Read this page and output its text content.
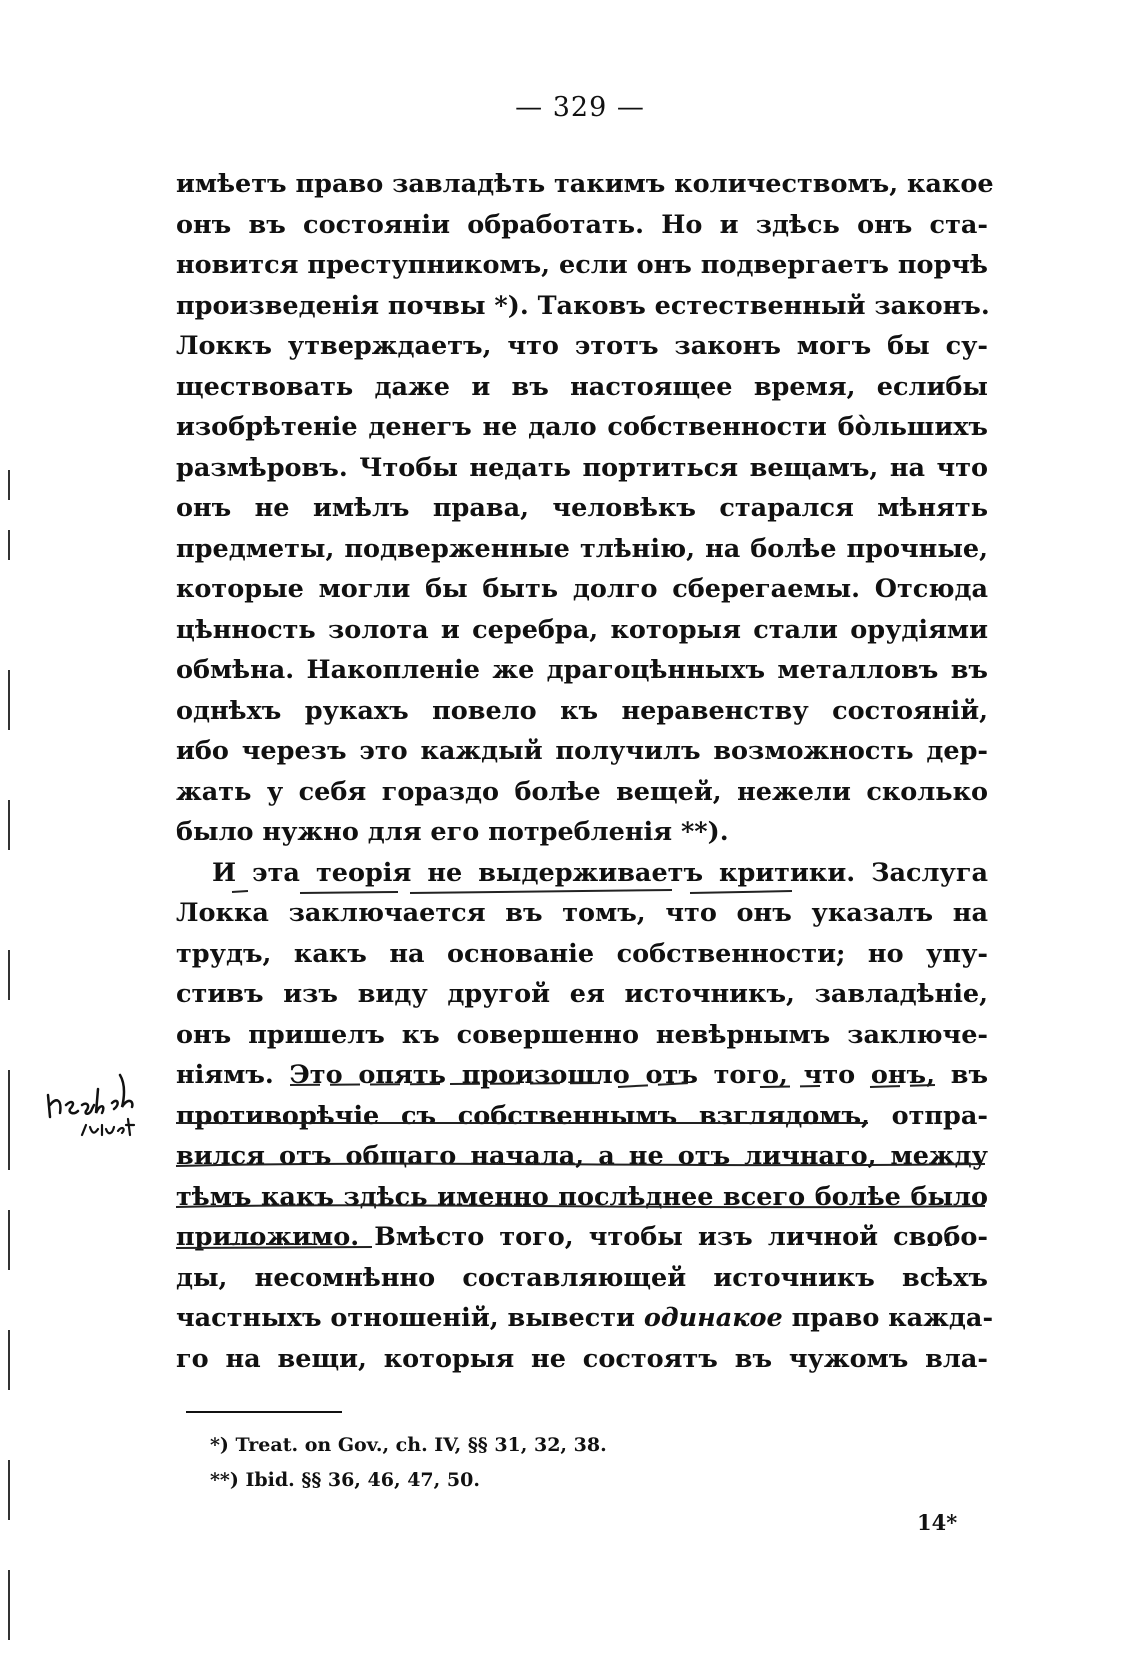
— 329 —
имѣетъ право завладѣть такимъ количествомъ, какое
онъ въ состояніи обработать. Но и здѣсь онъ ста-
новится преступникомъ, если онъ подвергаетъ порчѣ
произведенія почвы *). Таковъ естественный законъ.
Локкъ утверждаетъ, что этотъ законъ могъ бы су-
ществовать даже и въ настоящее время, еслибы
изобрѣтеніе денегъ не дало собственности бо̀льшихъ
размѣровъ. Чтобы недать портиться вещамъ, на что
онъ не имѣлъ права, человѣкъ старался мѣнять
предметы, подверженные тлѣнію, на болѣе прочные,
которые могли бы быть долго сберегаемы. Отсюда
цѣнность золота и серебра, которыя стали орудіями
обмѣна. Накопленіе же драгоцѣнныхъ металловъ въ
однѣхъ рукахъ повело къ неравенству состояній,
ибо черезъ это каждый получилъ возможность дер-
жать у себя гораздо болѣе вещей, нежели сколько
было нужно для его потребленія **).
И эта теорія не выдерживаетъ критики. Заслуга
Локка заключается въ томъ, что онъ указалъ на
трудъ, какъ на основаніе собственности; но упу-
стивъ изъ виду другой ея источникъ, завладѣніе,
онъ пришелъ къ совершенно невѣрнымъ заключе-
ніямъ. Это опять произошло отъ того, что онъ, въ
противорѣчіе съ собственнымъ взглядомъ, отпра-
вился отъ общаго начала, а не отъ личнаго, между
тѣмъ какъ здѣсь именно послѣднее всего болѣе было
приложимо. Вмѣсто того, чтобы изъ личной свобо-
ды, несомнѣнно составляющей источникъ всѣхъ
частныхъ отношеній, вывести одинакое право кажда-
го на вещи, которыя не состоятъ въ чужомъ вла-
*) Treat. on Gov., ch. IV, §§ 31, 32, 38.
**) Ibid. §§ 36, 46, 47, 50.
14*
